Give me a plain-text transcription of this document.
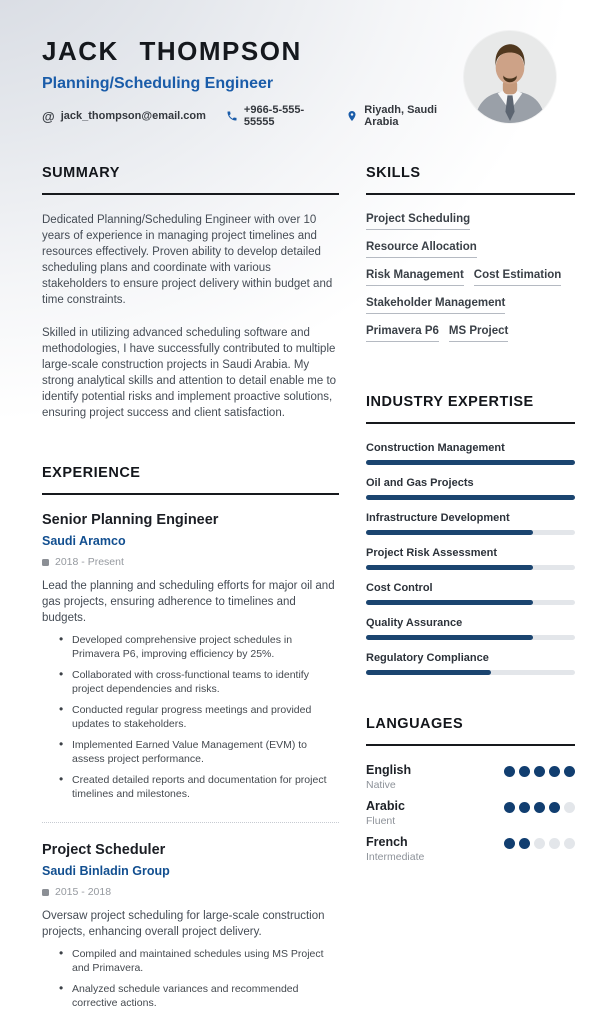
JACK THOMPSON
Planning/Scheduling Engineer
@ jack_thompson@email.com	+966-5-555-55555
Riyadh, Saudi Arabia
SUMMARY

Dedicated Planning/Scheduling Engineer with over 10 years of experience in managing project timelines and resources effectively. Proven ability to develop detailed scheduling plans and coordinate with various stakeholders to ensure project delivery within budget and time constraints.

Skilled in utilizing advanced scheduling software and methodologies, I have successfully contributed to multiple large-scale construction projects in Saudi Arabia. My strong analytical skills and attention to detail enable me to identify potential risks and implement proactive solutions, ensuring project success and client satisfaction.

EXPERIENCE
Senior Planning Engineer
Saudi Aramco
2018 - Present

Lead the planning and scheduling efforts for major oil and gas projects, ensuring adherence to timelines and budgets.

• Developed comprehensive project schedules in Primavera P6, improving efficiency by 25%.
• Collaborated with cross-functional teams to identify project dependencies and risks.
• Conducted regular progress meetings and provided updates to stakeholders.
• Implemented Earned Value Management (EVM) to assess project performance.
• Created detailed reports and documentation for project timelines and milestones.
Project Scheduler
Saudi Binladin Group
2015 - 2018

Oversaw project scheduling for large-scale construction projects, enhancing overall project delivery.

• Compiled and maintained schedules using MS Project and Primavera.
• Analyzed schedule variances and recommended corrective actions.
SKILLS
Project Scheduling
Resource Allocation
Risk Management Cost Estimation
Stakeholder Management
Primavera P6 MS Project
INDUSTRY EXPERTISE
Construction Management
Oil and Gas Projects
Infrastructure Development
Project Risk Assessment
Cost Control
Quality Assurance
Regulatory Compliance
LANGUAGES
English
Native
Arabic
Fluent
French
Intermediate
